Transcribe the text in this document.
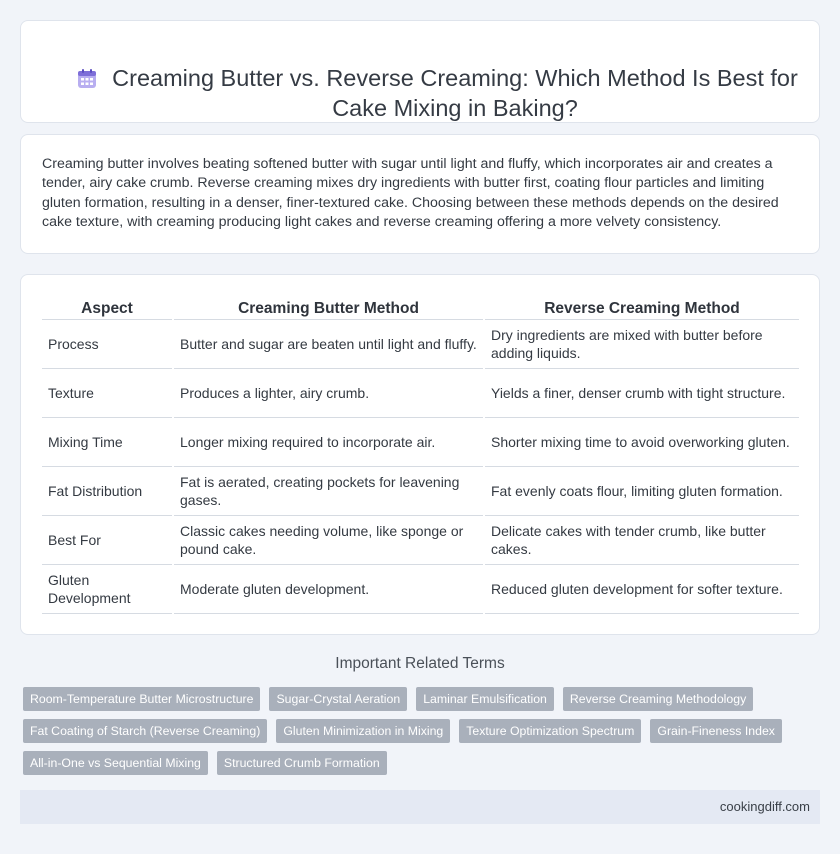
Creaming Butter vs. Reverse Creaming: Which Method Is Best for Cake Mixing in Baking?

Creaming butter involves beating softened butter with sugar until light and fluffy, which incorporates air and creates a tender, airy cake crumb. Reverse creaming mixes dry ingredients with butter first, coating flour particles and limiting gluten formation, resulting in a denser, finer-textured cake. Choosing between these methods depends on the desired cake texture, with creaming producing light cakes and reverse creaming offering a more velvety consistency.

Aspect	Creaming Butter Method	Reverse Creaming Method
Process	Butter and sugar are beaten until light and fluffy.	Dry ingredients are mixed with butter before adding liquids.
Texture	Produces a lighter, airy crumb.	Yields a finer, denser crumb with tight structure.
Mixing Time	Longer mixing required to incorporate air.	Shorter mixing time to avoid overworking gluten.
Fat Distribution	Fat is aerated, creating pockets for leavening gases.	Fat evenly coats flour, limiting gluten formation.
Best For	Classic cakes needing volume, like sponge or pound cake.	Delicate cakes with tender crumb, like butter cakes.
Gluten Development	Moderate gluten development.	Reduced gluten development for softer texture.
Important Related Terms
Room-Temperature Butter Microstructure	Sugar-Crystal Aeration	Laminar Emulsification	Reverse Creaming Methodology
Fat Coating of Starch (Reverse Creaming)	Gluten Minimization in Mixing	Texture Optimization Spectrum	Grain-Fineness Index
All-in-One vs Sequential Mixing	Structured Crumb Formation
cookingdiff.com
